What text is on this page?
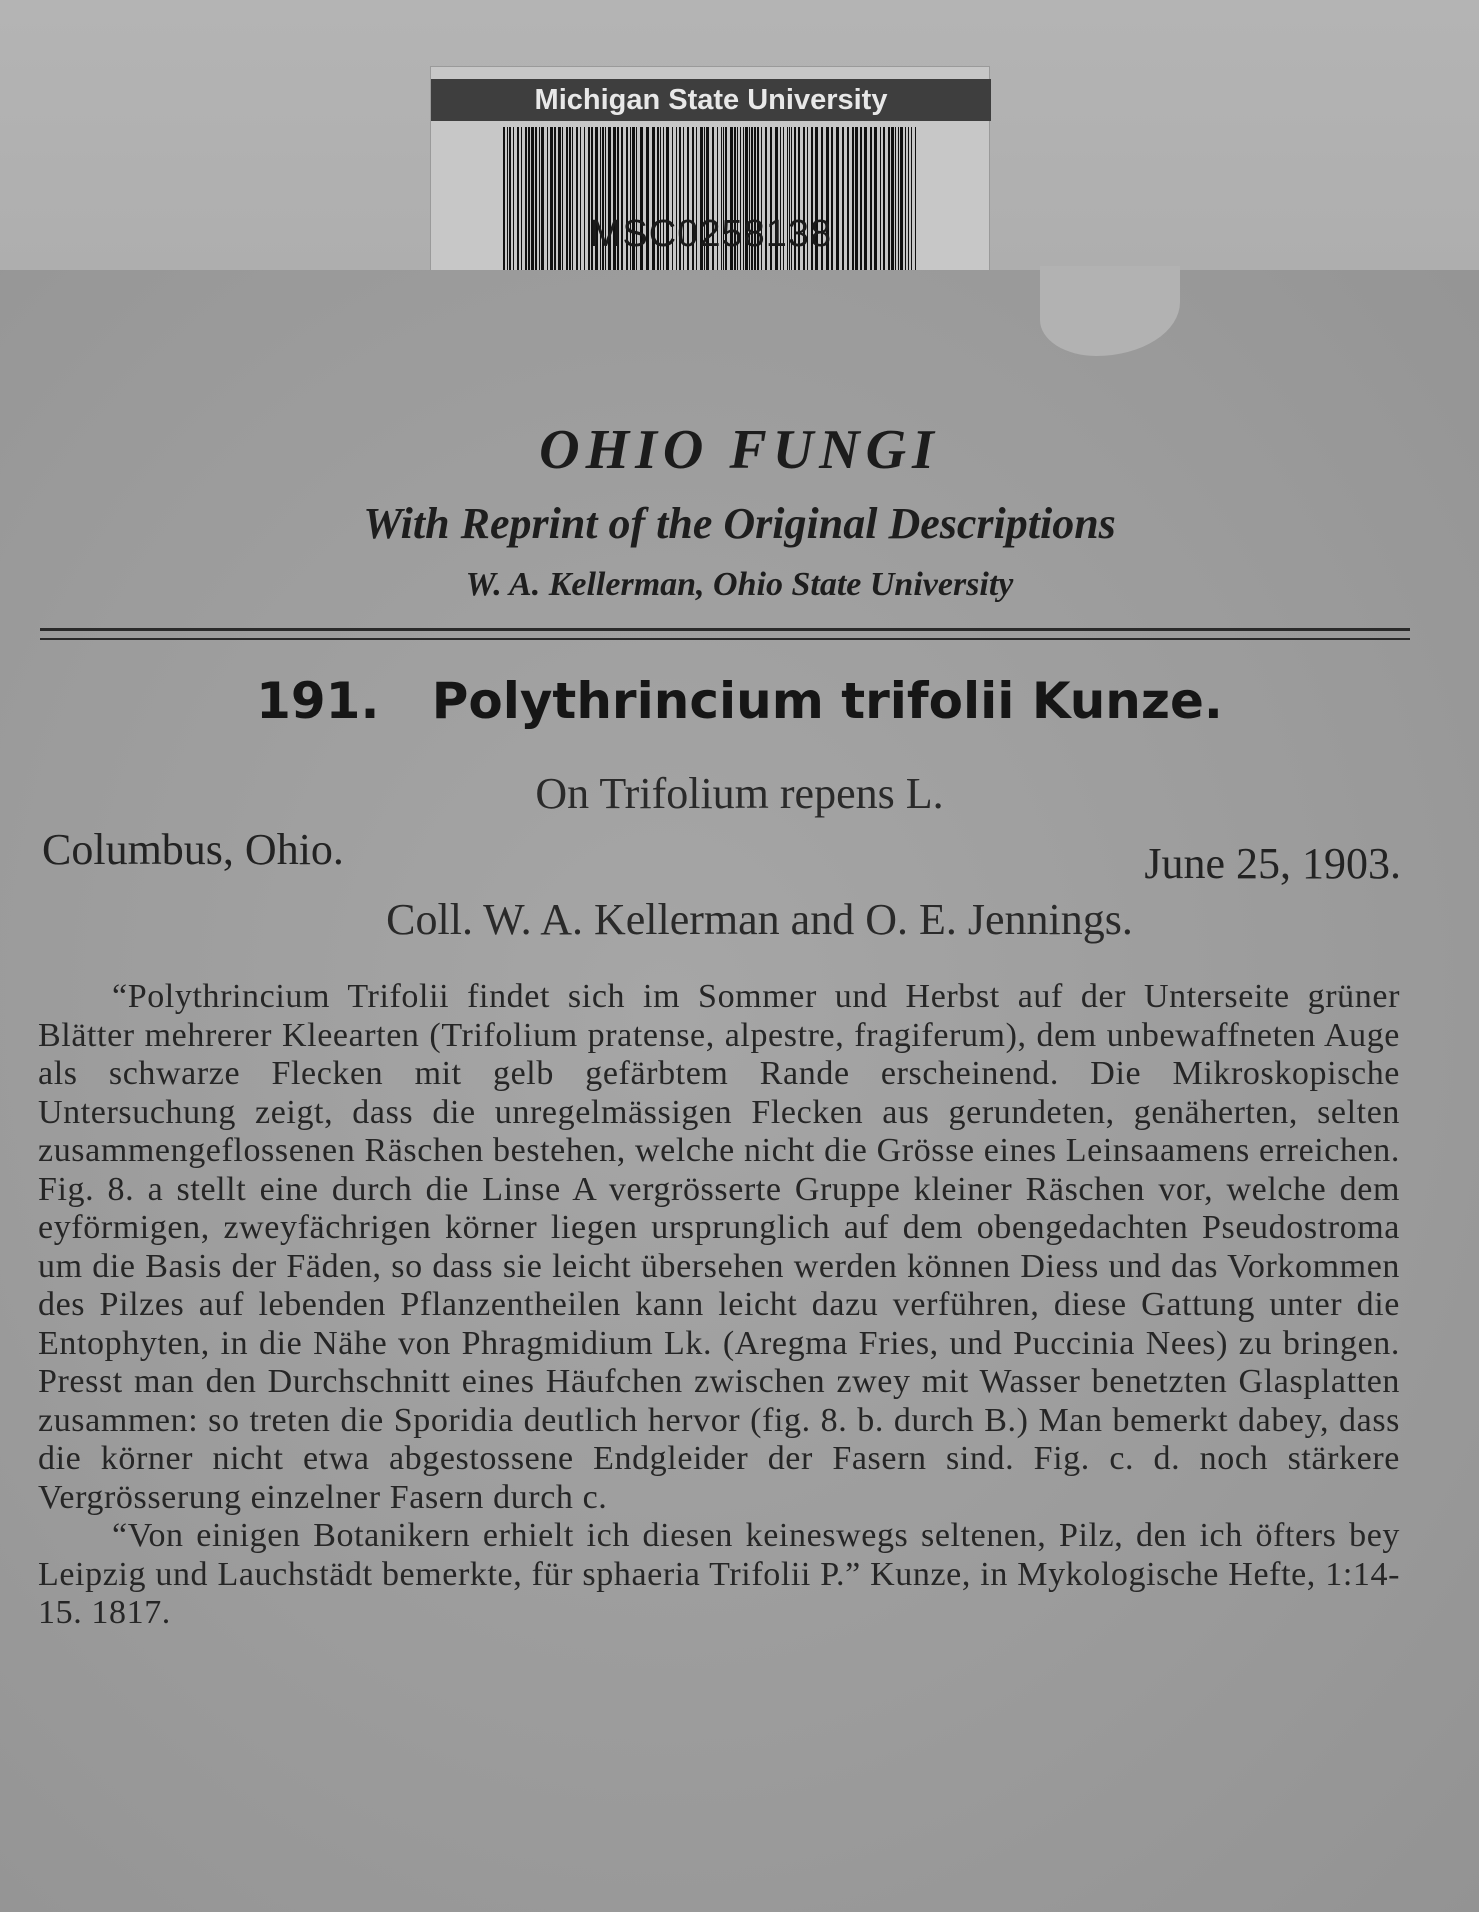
Michigan State University
MSC0258138
OHIO FUNGI
With Reprint of the Original Descriptions
W. A. Kellerman, Ohio State University
191. Polythrincium trifolii Kunze.
On Trifolium repens L.
Columbus, Ohio.	June 25, 1903.
Coll. W. A. Kellerman and O. E. Jennings.

“Polythrincium Trifolii findet sich im Sommer und Herbst auf der Unterseite grüner Blätter mehrerer Kleearten (Trifolium pratense, alpestre, fragiferum), dem unbewaffneten Auge als schwarze Flecken mit gelb gefärbtem Rande erscheinend. Die Mikroskopische Untersuchung zeigt, dass die unregelmässigen Flecken aus gerundeten, genäherten, selten zusammengeflossenen Räschen bestehen, welche nicht die Grösse eines Leinsaamens erreichen. Fig. 8. a stellt eine durch die Linse A vergrösserte Gruppe kleiner Räschen vor, welche dem eyförmigen, zweyfächrigen körner liegen ursprunglich auf dem obengedachten Pseudostroma um die Basis der Fäden, so dass sie leicht übersehen werden können Diess und das Vorkommen des Pilzes auf lebenden Pflanzentheilen kann leicht dazu verführen, diese Gattung unter die Entophyten, in die Nähe von Phragmidium Lk. (Aregma Fries, und Puccinia Nees) zu bringen. Presst man den Durchschnitt eines Häufchen zwischen zwey mit Wasser benetzten Glasplatten zusammen: so treten die Sporidia deutlich hervor (fig. 8. b. durch B.) Man bemerkt dabey, dass die körner nicht etwa abgestossene Endgleider der Fasern sind. Fig. c. d. noch stärkere Vergrösserung einzelner Fasern durch c.

“Von einigen Botanikern erhielt ich diesen keineswegs seltenen, Pilz, den ich öfters bey Leipzig und Lauchstädt bemerkte, für sphaeria Trifolii P.” Kunze, in Mykologische Hefte, 1:14-15. 1817.
